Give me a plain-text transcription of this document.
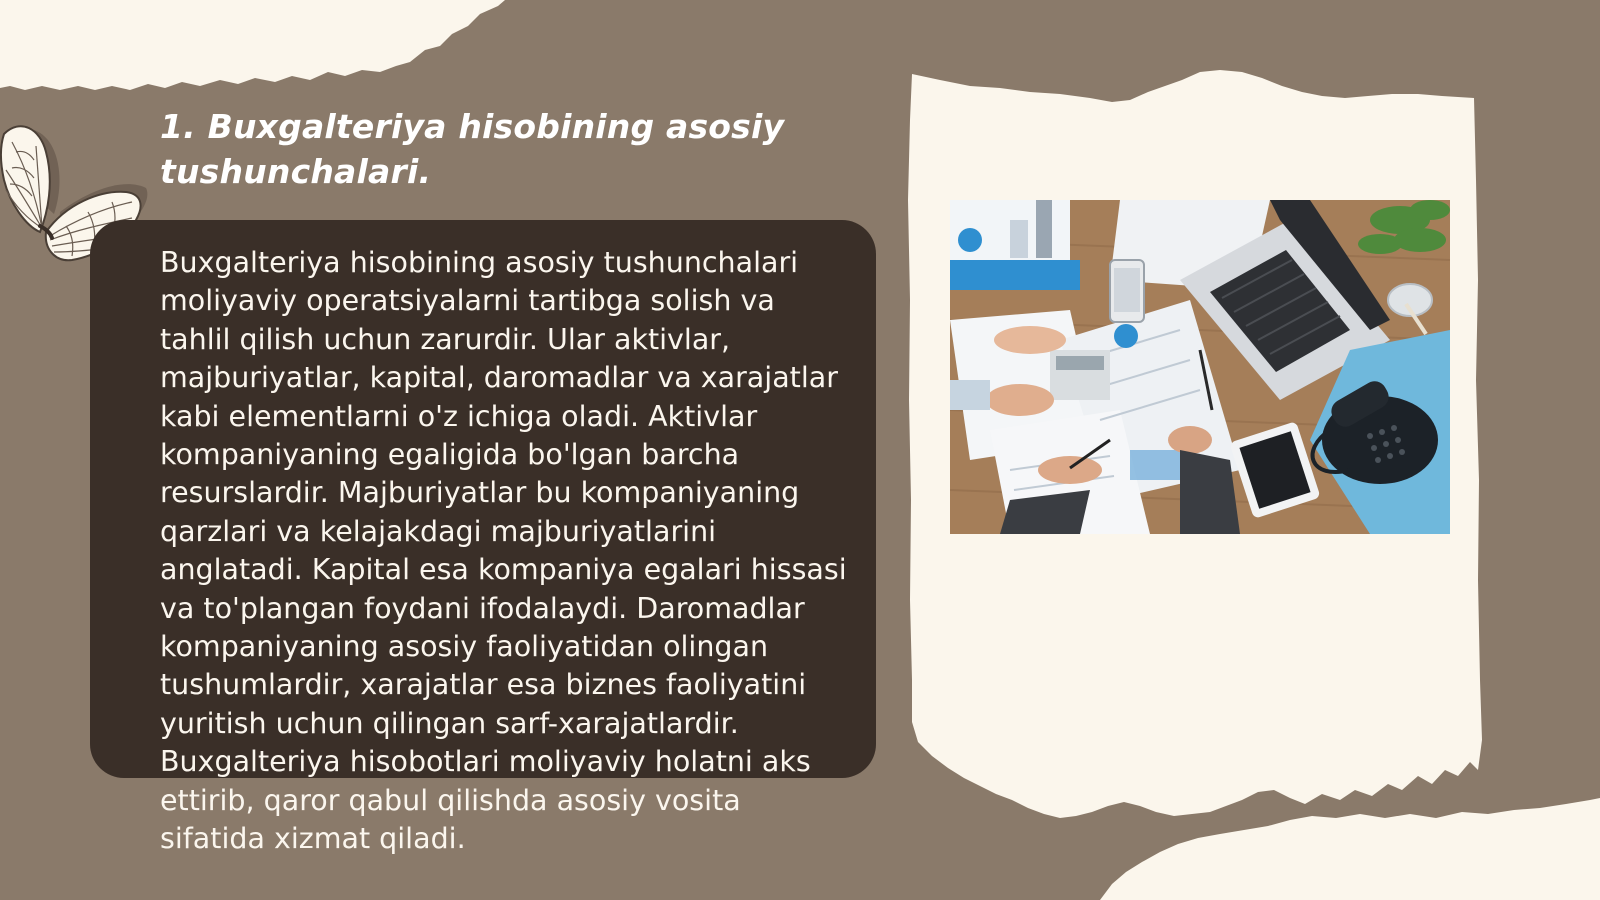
1. Buxgalteriya hisobining asosiy tushunchalari.

Buxgalteriya hisobining asosiy tushunchalari moliyaviy operatsiyalarni tartibga solish va tahlil qilish uchun zarurdir. Ular aktivlar, majburiyatlar, kapital, daromadlar va xarajatlar kabi elementlarni o'z ichiga oladi. Aktivlar kompaniyaning egaligida bo'lgan barcha resurslardir. Majburiyatlar bu kompaniyaning qarzlari va kelajakdagi majburiyatlarini anglatadi. Kapital esa kompaniya egalari hissasi va to'plangan foydani ifodalaydi. Daromadlar kompaniyaning asosiy faoliyatidan olingan tushumlardir, xarajatlar esa biznes faoliyatini yuritish uchun qilingan sarf-xarajatlardir. Buxgalteriya hisobotlari moliyaviy holatni aks ettirib, qaror qabul qilishda asosiy vosita sifatida xizmat qiladi.
